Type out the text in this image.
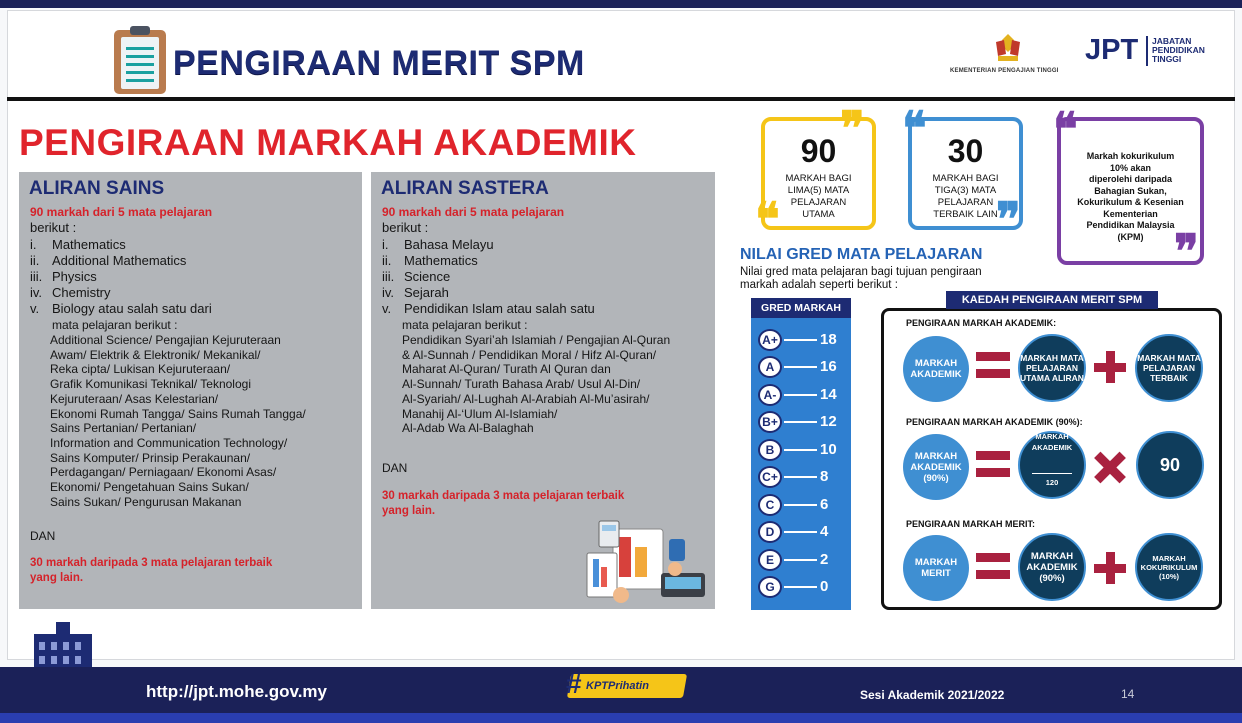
PENGIRAAN MERIT SPM	KEMENTERIAN PENGAJIAN TINGGI
JPT JABATAN
PENDIDIKAN
TINGGI
PENGIRAAN MARKAH AKADEMIK
ALIRAN SAINS
90 markah dari 5 mata pelajaran
berikut :
i. Mathematics
ii. Additional Mathematics
iii. Physics
iv. Chemistry
v. Biology atau salah satu dari
mata pelajaran berikut :
Additional Science/ Pengajian Kejuruteraan
Awam/ Elektrik & Elektronik/ Mekanikal/
Reka cipta/ Lukisan Kejuruteraan/
Grafik Komunikasi Teknikal/ Teknologi
Kejuruteraan/ Asas Kelestarian/
Ekonomi Rumah Tangga/ Sains Rumah Tangga/
Sains Pertanian/ Pertanian/
Information and Communication Technology/
Sains Komputer/ Prinsip Perakaunan/
Perdagangan/ Perniagaan/ Ekonomi Asas/
Ekonomi/ Pengetahuan Sains Sukan/
Sains Sukan/ Pengurusan Makanan
DAN
30 markah daripada 3 mata pelajaran terbaik
yang lain.
ALIRAN SASTERA
90 markah dari 5 mata pelajaran
berikut :
i. Bahasa Melayu
ii. Mathematics
iii. Science
iv. Sejarah
v. Pendidikan Islam atau salah satu
mata pelajaran berikut :
Pendidikan Syari’ah Islamiah / Pengajian Al-Quran
& Al-Sunnah / Pendidikan Moral / Hifz Al-Quran/
Maharat Al-Quran/ Turath Al Quran dan
Al-Sunnah/ Turath Bahasa Arab/ Usul Al-Din/
Al-Syariah/ Al-Lughah Al-Arabiah Al-Mu’asirah/
Manahij Al-‘Ulum Al-Islamiah/
Al-Adab Wa Al-Balaghah
DAN
30 markah daripada 3 mata pelajaran terbaik
yang lain.
90
MARKAH BAGI
LIMA(5) MATA
PELAJARAN
UTAMA
❞
❝
30
MARKAH BAGI
TIGA(3) MATA
PELAJARAN
TERBAIK LAIN
❝
❞
Markah kokurikulum
10% akan
diperolehi daripada
Bahagian Sukan,
Kokurikulum & Kesenian
Kementerian
Pendidikan Malaysia
(KPM)
❝
❞
NILAI GRED MATA PELAJARAN
Nilai gred mata pelajaran bagi tujuan pengiraan
markah adalah seperti berikut :
GRED MARKAH
A+	18
A	16
A-	14
B+	12
B	10
C+	8
C	6
D	4
E	2
G	0
KAEDAH PENGIRAAN MERIT SPM
PENGIRAAN MARKAH AKADEMIK:
MARKAH AKADEMIK
MARKAH MATA PELAJARAN UTAMA ALIRAN
MARKAH MATA PELAJARAN TERBAIK
PENGIRAAN MARKAH AKADEMIK (90%):
MARKAH AKADEMIK (90%)
MARKAH AKADEMIK
120
90
PENGIRAAN MARKAH MERIT:
MARKAH MERIT
MARKAH AKADEMIK (90%)
MARKAH KOKURIKULUM (10%)
http://jpt.mohe.gov.my	# KPTPrihatin
Sesi Akademik 2021/2022	14
